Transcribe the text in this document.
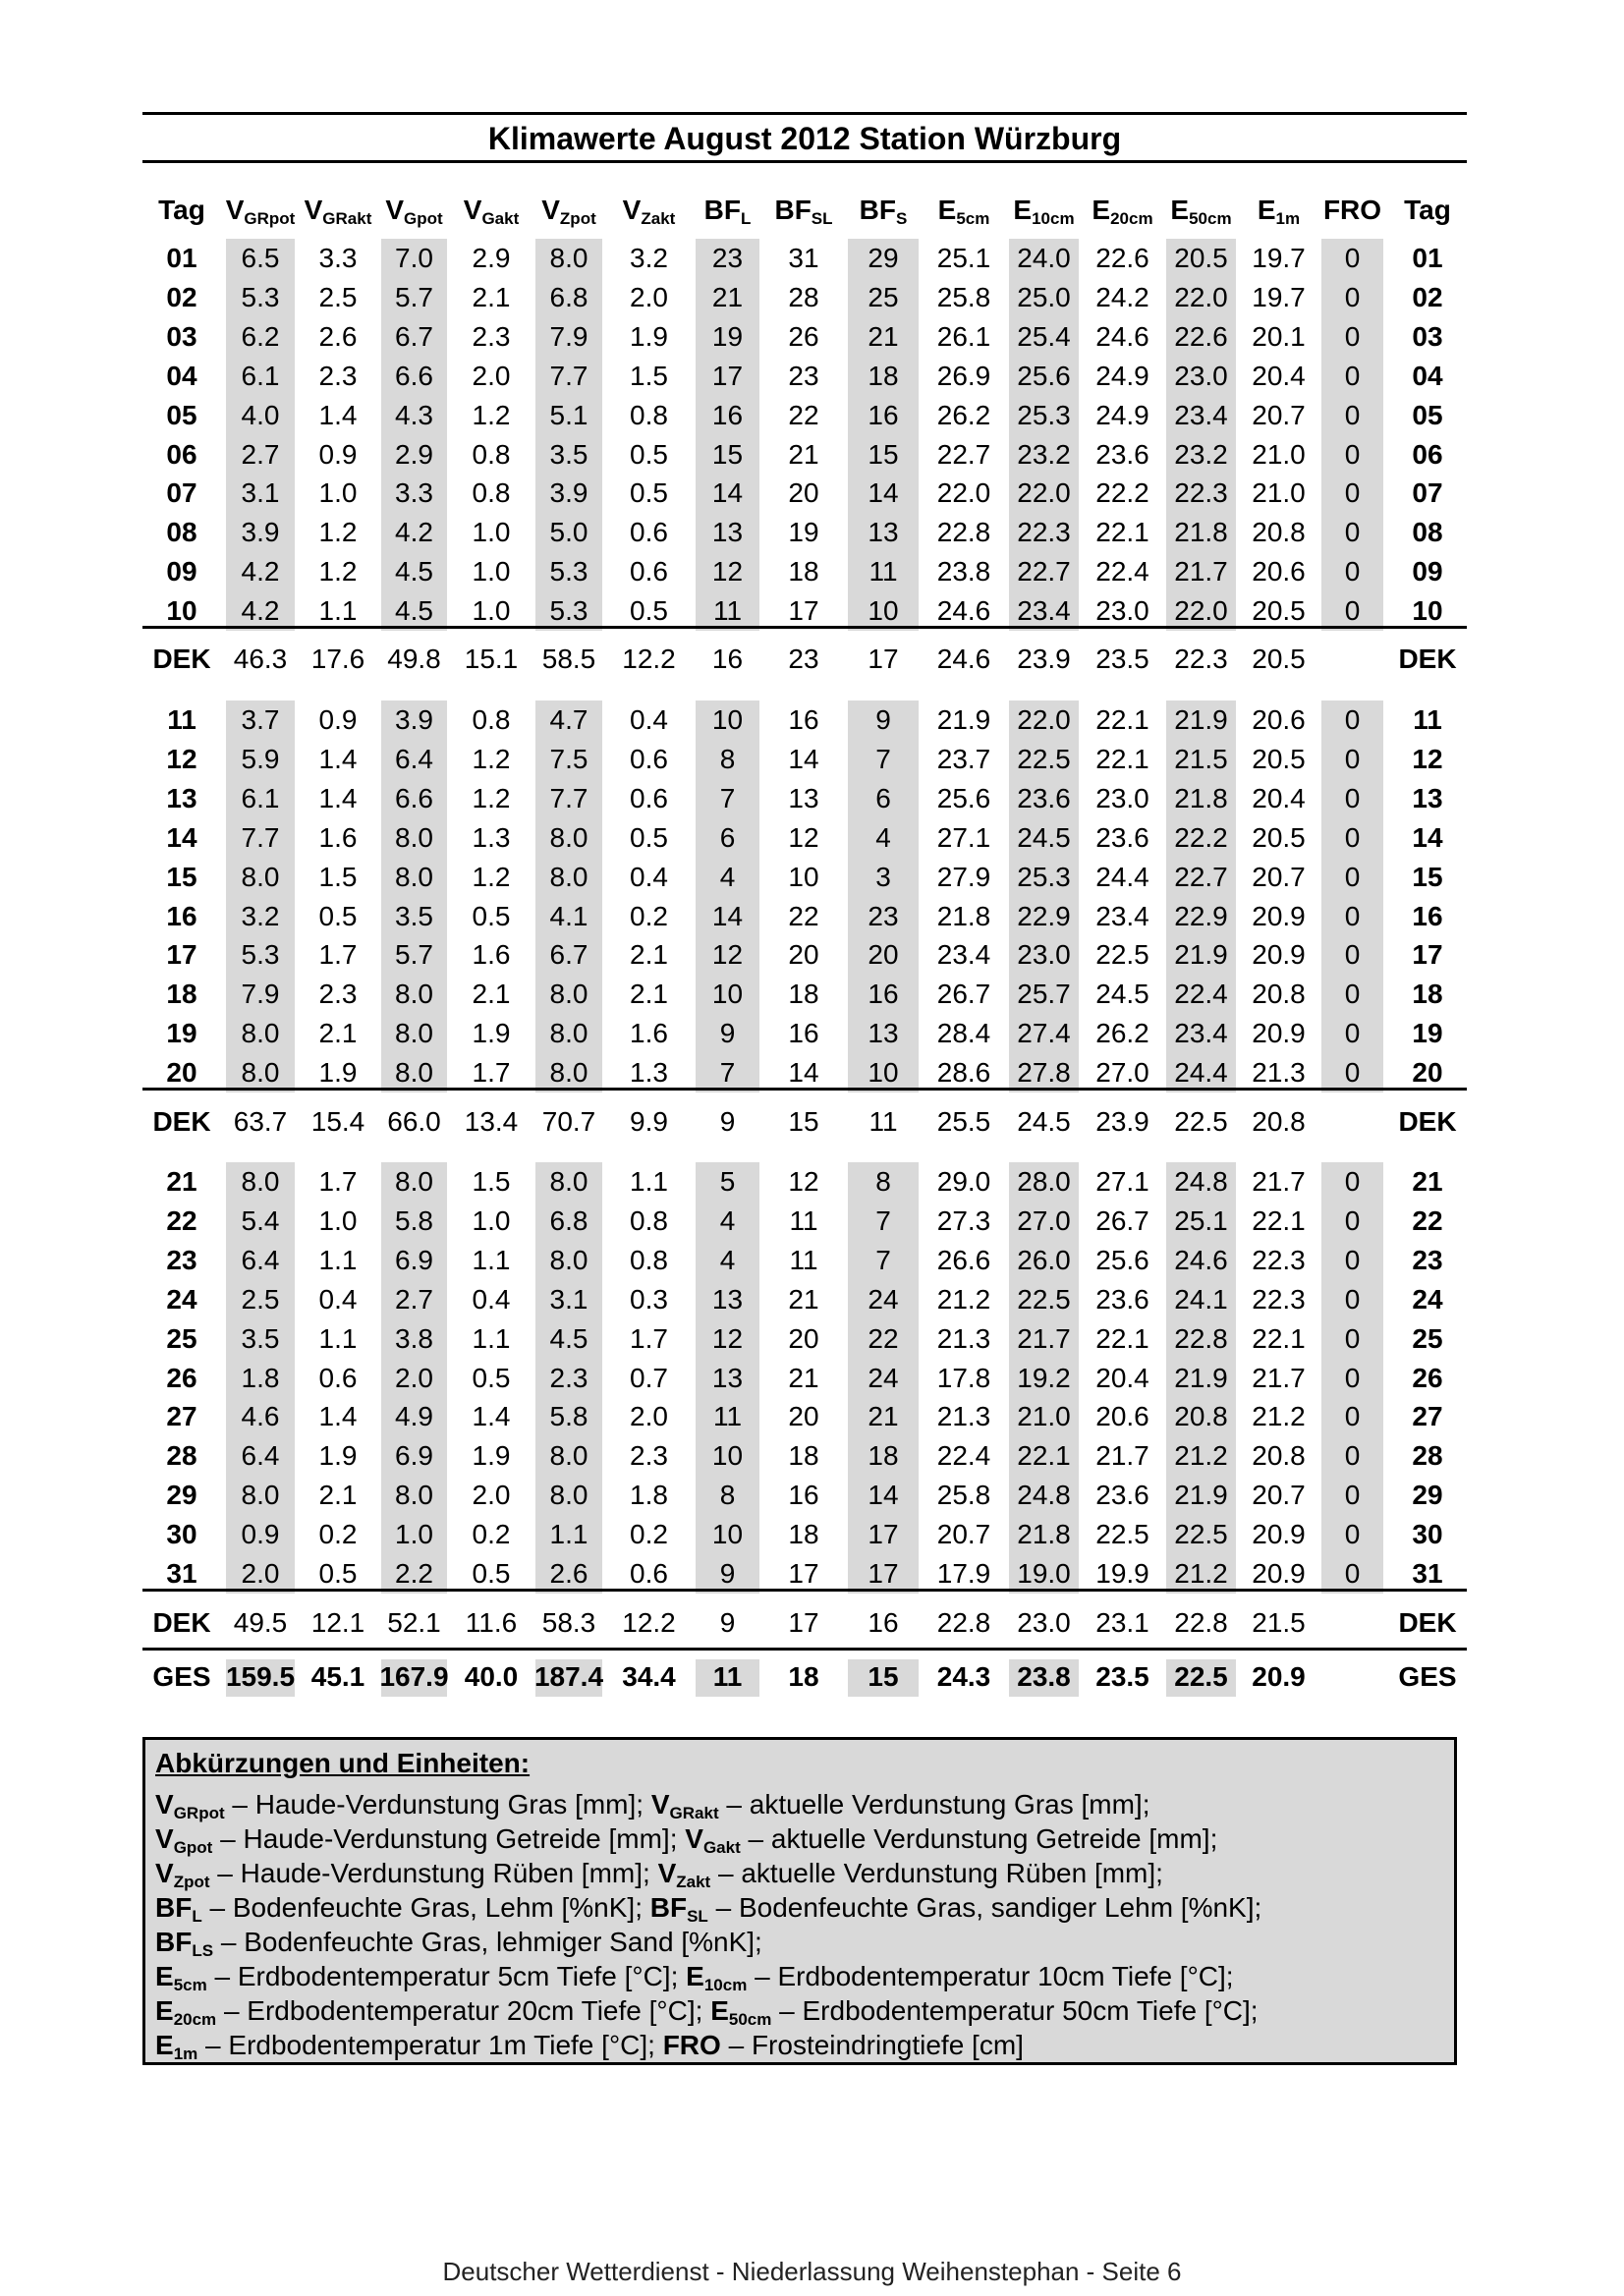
Klimawerte August 2012 Station Würzburg
Tag $V_{GRpot}$ $V_{GRakt}$ $V_{Gpot}$ $V_{Gakt}$ $V_{Zpot}$ $V_{Zakt}$	$BF_L$ $BF_{SL}$ $BF_S$	$E_{5cm}$ $E_{10cm}$ $E_{20cm}$ $E_{50cm}$ $E_{1m}$ FRO Tag
01	6.5	3.3	7.0	2.9	8.0	3.2	23	31	29	25.1 24.0 22.6 20.5 19.7	0	01
02	5.3	2.5	5.7	2.1	6.8	2.0	21	28	25	25.8 25.0 24.2 22.0 19.7	0	02
03	6.2	2.6	6.7	2.3	7.9	1.9	19	26	21	26.1 25.4 24.6 22.6 20.1	0	03
04	6.1	2.3	6.6	2.0	7.7	1.5	17	23	18	26.9 25.6 24.9 23.0 20.4	0	04
05	4.0	1.4	4.3	1.2	5.1	0.8	16	22	16	26.2 25.3 24.9 23.4 20.7	0	05
06	2.7	0.9	2.9	0.8	3.5	0.5	15	21	15	22.7 23.2 23.6 23.2 21.0	0	06
07	3.1	1.0	3.3	0.8	3.9	0.5	14	20	14	22.0 22.0 22.2 22.3 21.0	0	07
08	3.9	1.2	4.2	1.0	5.0	0.6	13	19	13	22.8 22.3 22.1 21.8 20.8	0	08
09	4.2	1.2	4.5	1.0	5.3	0.6	12	18	11	23.8 22.7 22.4 21.7 20.6	0	09
10	4.2	1.1	4.5	1.0	5.3	0.5	11	17	10	24.6 23.4 23.0 22.0 20.5	0	10
DEK 46.3 17.6 49.8 15.1 58.5 12.2	16	23	17	24.6 23.9 23.5 22.3 20.5	DEK
11	3.7	0.9	3.9	0.8	4.7	0.4	10	16	9	21.9 22.0 22.1 21.9 20.6	0	11
12	5.9	1.4	6.4	1.2	7.5	0.6	8	14	7	23.7 22.5 22.1 21.5 20.5	0	12
13	6.1	1.4	6.6	1.2	7.7	0.6	7	13	6	25.6 23.6 23.0 21.8 20.4	0	13
14	7.7	1.6	8.0	1.3	8.0	0.5	6	12	4	27.1 24.5 23.6 22.2 20.5	0	14
15	8.0	1.5	8.0	1.2	8.0	0.4	4	10	3	27.9 25.3 24.4 22.7 20.7	0	15
16	3.2	0.5	3.5	0.5	4.1	0.2	14	22	23	21.8 22.9 23.4 22.9 20.9	0	16
17	5.3	1.7	5.7	1.6	6.7	2.1	12	20	20	23.4 23.0 22.5 21.9 20.9	0	17
18	7.9	2.3	8.0	2.1	8.0	2.1	10	18	16	26.7 25.7 24.5 22.4 20.8	0	18
19	8.0	2.1	8.0	1.9	8.0	1.6	9	16	13	28.4 27.4 26.2 23.4 20.9	0	19
20	8.0	1.9	8.0	1.7	8.0	1.3	7	14	10	28.6 27.8 27.0 24.4 21.3	0	20
DEK 63.7 15.4 66.0 13.4 70.7	9.9	9	15	11	25.5 24.5 23.9 22.5 20.8	DEK
21	8.0	1.7	8.0	1.5	8.0	1.1	5	12	8	29.0 28.0 27.1 24.8 21.7	0	21
22	5.4	1.0	5.8	1.0	6.8	0.8	4	11	7	27.3 27.0 26.7 25.1 22.1	0	22
23	6.4	1.1	6.9	1.1	8.0	0.8	4	11	7	26.6 26.0 25.6 24.6 22.3	0	23
24	2.5	0.4	2.7	0.4	3.1	0.3	13	21	24	21.2 22.5 23.6 24.1 22.3	0	24
25	3.5	1.1	3.8	1.1	4.5	1.7	12	20	22	21.3 21.7 22.1 22.8 22.1	0	25
26	1.8	0.6	2.0	0.5	2.3	0.7	13	21	24	17.8 19.2 20.4 21.9 21.7	0	26
27	4.6	1.4	4.9	1.4	5.8	2.0	11	20	21	21.3 21.0 20.6 20.8 21.2	0	27
28	6.4	1.9	6.9	1.9	8.0	2.3	10	18	18	22.4 22.1 21.7 21.2 20.8	0	28
29	8.0	2.1	8.0	2.0	8.0	1.8	8	16	14	25.8 24.8 23.6 21.9 20.7	0	29
30	0.9	0.2	1.0	0.2	1.1	0.2	10	18	17	20.7 21.8 22.5 22.5 20.9	0	30
31	2.0	0.5	2.2	0.5	2.6	0.6	9	17	17	17.9 19.0 19.9 21.2 20.9	0	31
DEK 49.5 12.1 52.1 11.6 58.3 12.2	9	17	16	22.8 23.0 23.1 22.8 21.5	DEK
GES 159.5 45.1 167.9 40.0 187.4 34.4	11	18	15	24.3 23.8 23.5 22.5 20.9	GES
Abkürzungen und Einheiten:
$V_{GRpot}$ – Haude-Verdunstung Gras [mm]; $V_{GRakt}$ – aktuelle Verdunstung Gras [mm];
$V_{Gpot}$ – Haude-Verdunstung Getreide [mm]; $V_{Gakt}$ – aktuelle Verdunstung Getreide [mm];
$V_{Zpot}$ – Haude-Verdunstung Rüben [mm]; $V_{Zakt}$ – aktuelle Verdunstung Rüben [mm];
$BF_L$ – Bodenfeuchte Gras, Lehm [%nK]; $BF_{SL}$ – Bodenfeuchte Gras, sandiger Lehm [%nK];
$BF_{LS}$ – Bodenfeuchte Gras, lehmiger Sand [%nK];
$E_{5cm}$ – Erdbodentemperatur 5cm Tiefe [°C]; $E_{10cm}$ – Erdbodentemperatur 10cm Tiefe [°C];
$E_{20cm}$ – Erdbodentemperatur 20cm Tiefe [°C]; $E_{50cm}$ – Erdbodentemperatur 50cm Tiefe [°C];
$E_{1m}$ – Erdbodentemperatur 1m Tiefe [°C]; FRO – Frosteindringtiefe [cm]
Deutscher Wetterdienst - Niederlassung Weihenstephan - Seite 6
